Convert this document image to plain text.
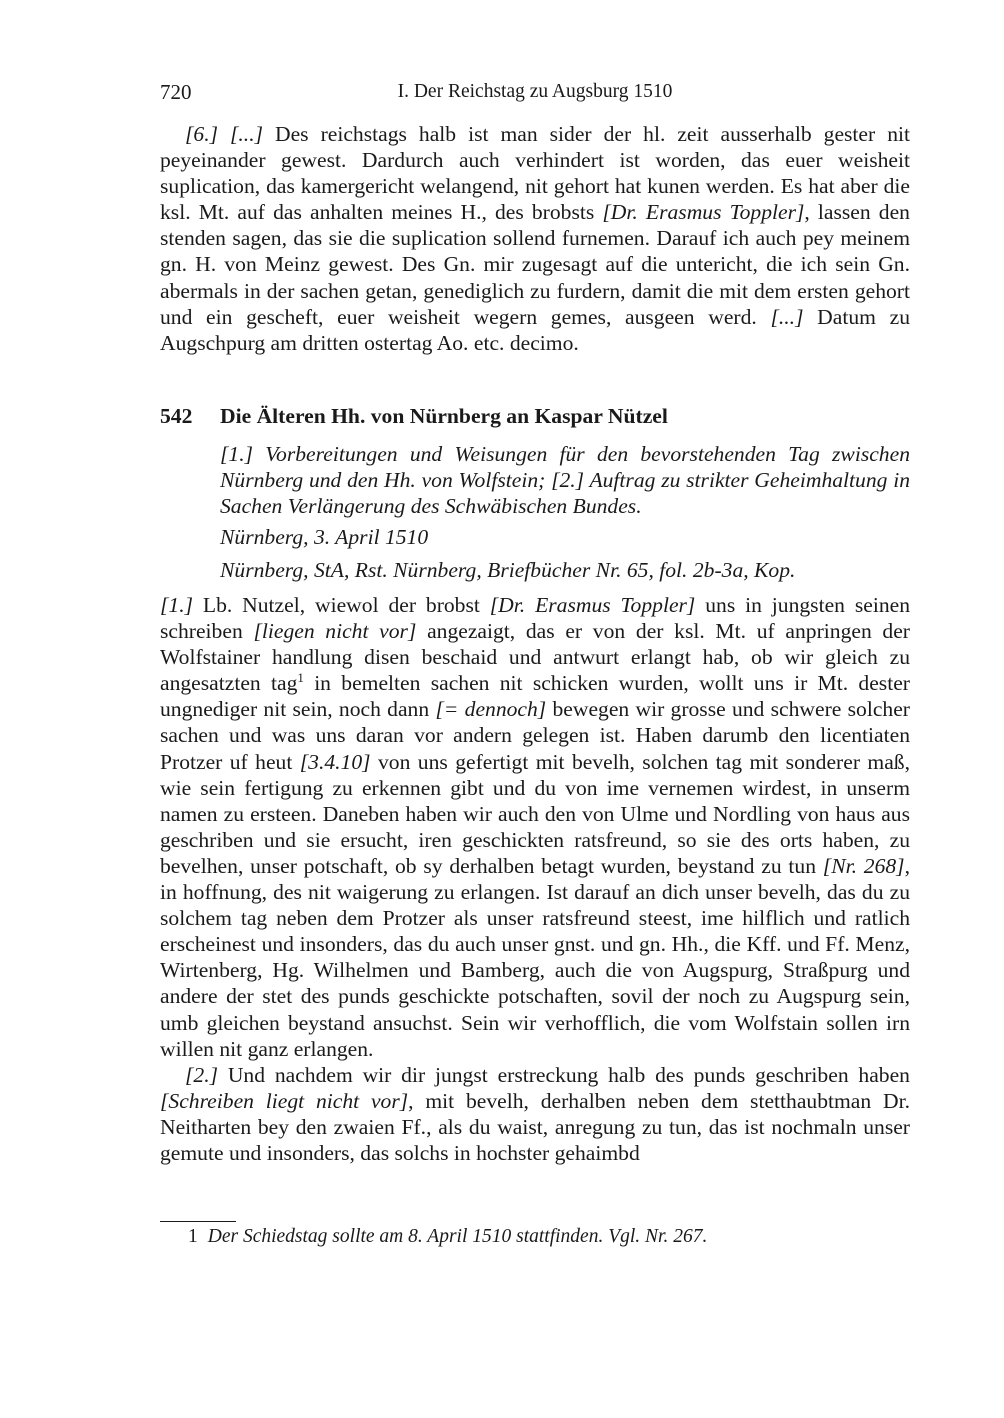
720	I. Der Reichstag zu Augsburg 1510

[6.] [...] Des reichstags halb ist man sider der hl. zeit ausserhalb gester nit peyeinander gewest. Dardurch auch verhindert ist worden, das euer weisheit suplication, das kamergericht welangend, nit gehort hat kunen werden. Es hat aber die ksl. Mt. auf das anhalten meines H., des brobsts [Dr. Erasmus Toppler], lassen den stenden sagen, das sie die suplication sollend furnemen. Darauf ich auch pey meinem gn. H. von Meinz gewest. Des Gn. mir zugesagt auf die untericht, die ich sein Gn. abermals in der sachen getan, genediglich zu furdern, damit die mit dem ersten gehort und ein gescheft, euer weisheit wegern gemes, ausgeen werd. [...] Datum zu Augschpurg am dritten ostertag Ao. etc. decimo.

542 Die Älteren Hh. von Nürnberg an Kaspar Nützel
[1.] Vorbereitungen und Weisungen für den bevorstehenden Tag zwischen Nürnberg und den Hh. von Wolfstein; [2.] Auftrag zu strikter Geheimhaltung in Sachen Verlängerung des Schwäbischen Bundes.
Nürnberg, 3. April 1510
Nürnberg, StA, Rst. Nürnberg, Briefbücher Nr. 65, fol. 2b-3a, Kop.

[1.] Lb. Nutzel, wiewol der brobst [Dr. Erasmus Toppler] uns in jungsten seinen schreiben [liegen nicht vor] angezaigt, das er von der ksl. Mt. uf anpringen der Wolfstainer handlung disen beschaid und antwurt erlangt hab, ob wir gleich zu angesatzten tag$^1$ in bemelten sachen nit schicken wurden, wollt uns ir Mt. dester ungnediger nit sein, noch dann [= dennoch] bewegen wir grosse und schwere solcher sachen und was uns daran vor andern gelegen ist. Haben darumb den licentiaten Protzer uf heut [3.4.10] von uns gefertigt mit bevelh, solchen tag mit sonderer maß, wie sein fertigung zu erkennen gibt und du von ime vernemen wirdest, in unserm namen zu ersteen. Daneben haben wir auch den von Ulme und Nordling von haus aus geschriben und sie ersucht, iren geschickten ratsfreund, so sie des orts haben, zu bevelhen, unser potschaft, ob sy derhalben betagt wurden, beystand zu tun [Nr. 268], in hoffnung, des nit waigerung zu erlangen. Ist darauf an dich unser bevelh, das du zu solchem tag neben dem Protzer als unser ratsfreund steest, ime hilflich und ratlich erscheinest und insonders, das du auch unser gnst. und gn. Hh., die Kff. und Ff. Menz, Wirtenberg, Hg. Wilhelmen und Bamberg, auch die von Augspurg, Straßpurg und andere der stet des punds geschickte potschaften, sovil der noch zu Augspurg sein, umb gleichen beystand ansuchst. Sein wir verhofflich, die vom Wolfstain sollen irn willen nit ganz erlangen.

[2.] Und nachdem wir dir jungst erstreckung halb des punds geschriben haben [Schreiben liegt nicht vor], mit bevelh, derhalben neben dem stetthaubtman Dr. Neitharten bey den zwaien Ff., als du waist, anregung zu tun, das ist nochmaln unser gemute und insonders, das solchs in hochster gehaimbd

1 Der Schiedstag sollte am 8. April 1510 stattfinden. Vgl. Nr. 267.
